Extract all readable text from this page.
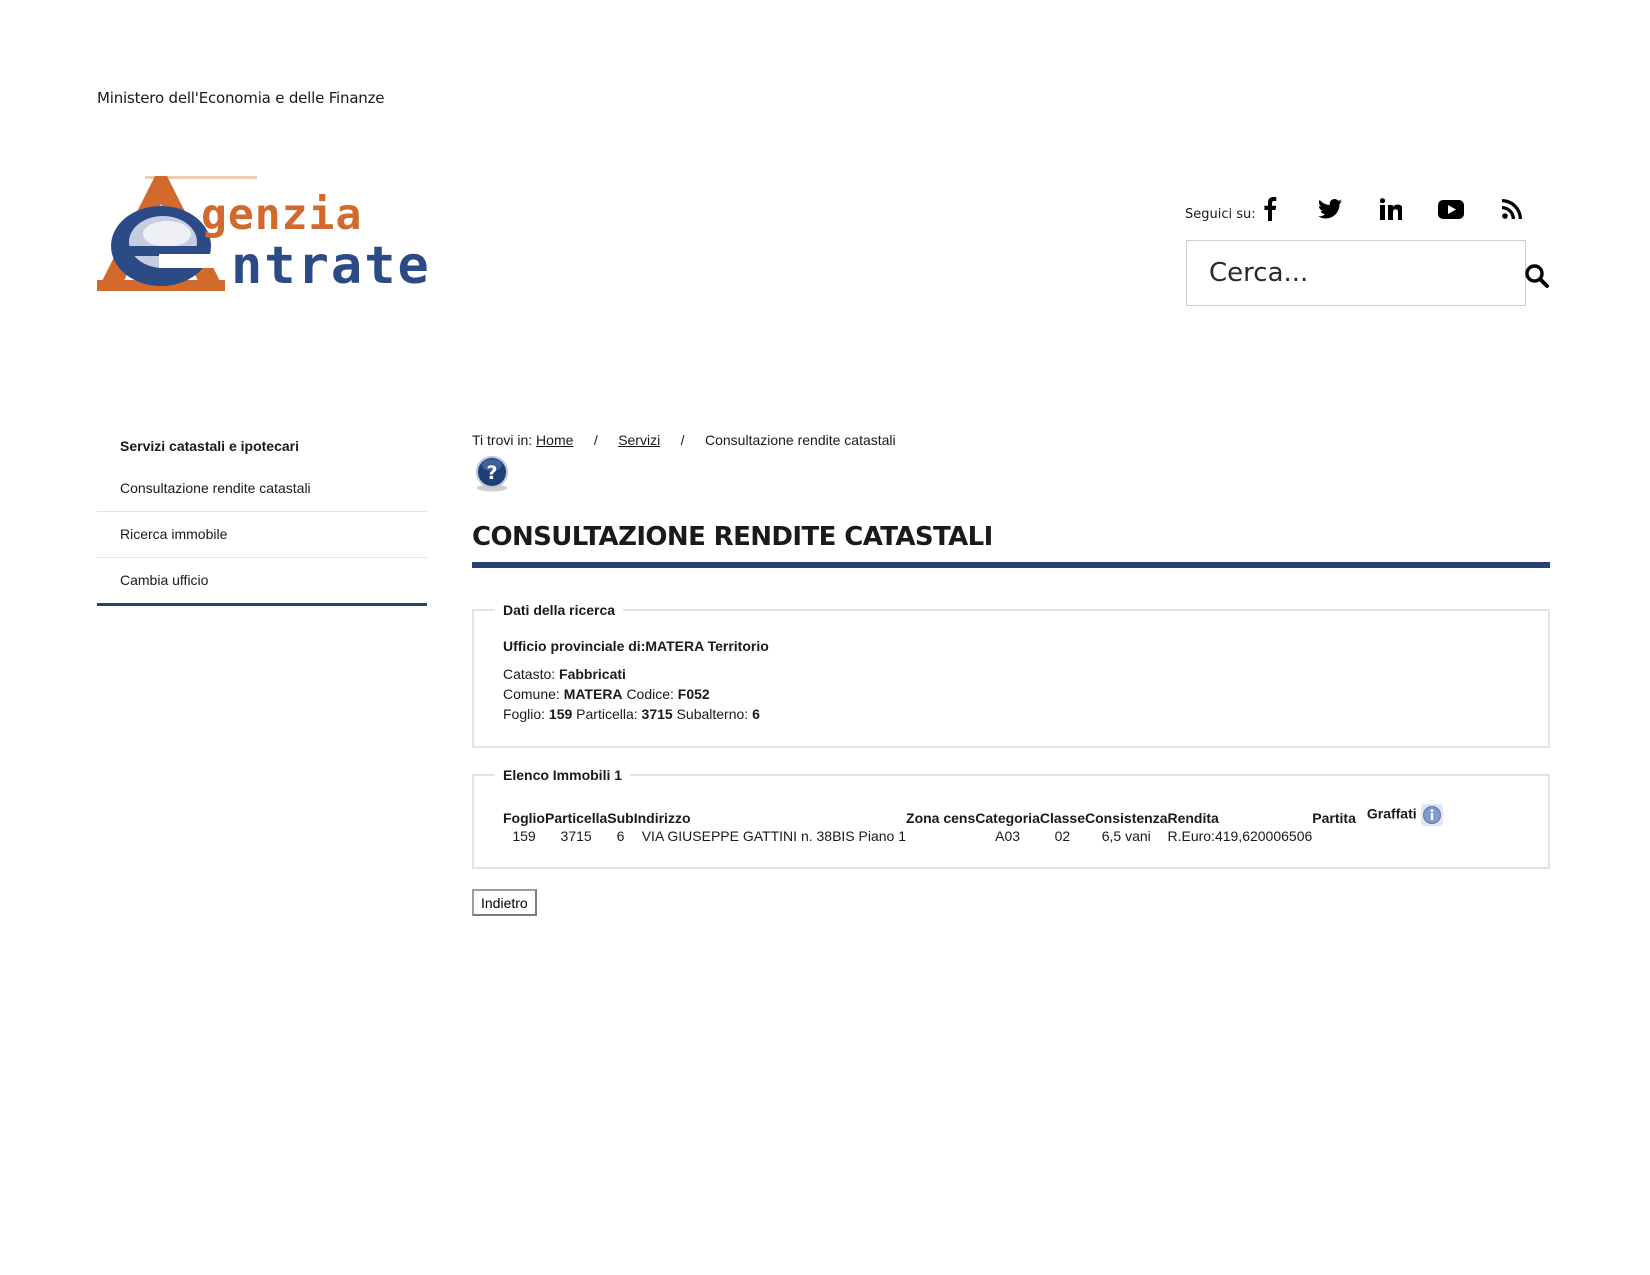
Ministero dell'Economia e delle Finanze
genzia
ntrate
Seguici su:
Cerca...
Servizi catastali e ipotecari
Consultazione rendite catastali
Ricerca immobile
Cambia ufficio
Ti trovi in: Home / Servizi / Consultazione rendite catastali
?
CONSULTAZIONE RENDITE CATASTALI
Dati della ricerca
Ufficio provinciale di:MATERA Territorio

Catasto: Fabbricati

Comune: MATERA Codice: F052

Foglio: 159 Particella: 3715 Subalterno: 6

Elenco Immobili 1
Foglio	Particella	Sub	Indirizzo	Zona cens	Categoria	Classe	Consistenza	Rendita	Partita	Graffati
159	3715	6	VIA GIUSEPPE GATTINI n. 38BIS Piano 1		A03	02	6,5 vani	R.Euro:419,620006506		
Indietro
